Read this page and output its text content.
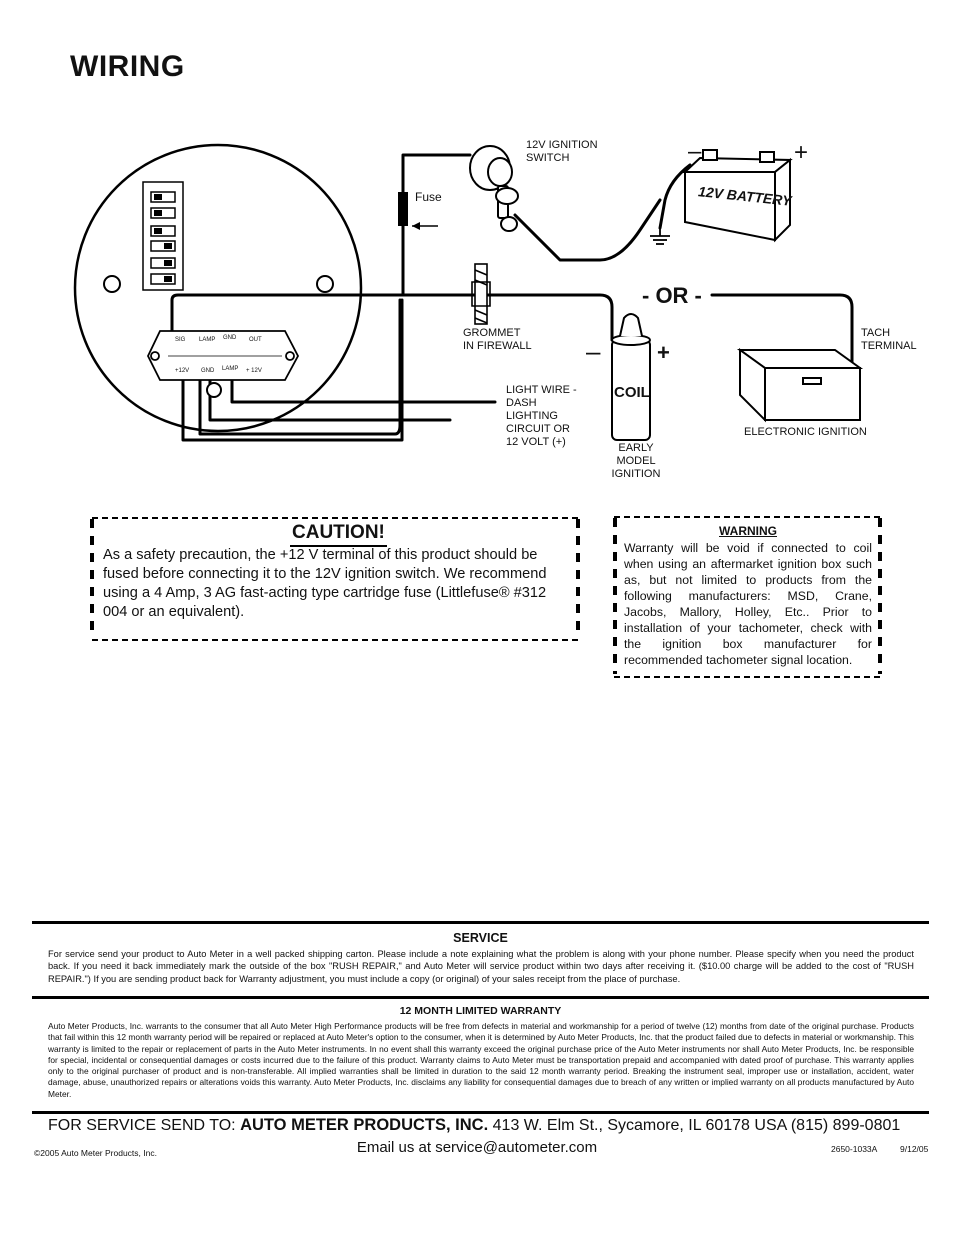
WIRING
12V IGNITION
SWITCH
Fuse	12V BATTERY
–	+
- OR -
GROMMET
IN FIREWALL
TACH
TERMINAL
–	+
COIL
LIGHT WIRE -
DASH
LIGHTING
CIRCUIT OR
12 VOLT (+)	EARLY
MODEL
IGNITION
ELECTRONIC IGNITION
SIG LAMP GND OUT
+12V GND LAMP + 12V
CAUTION!
As a safety precaution, the +12 V terminal of this product should be fused before connecting it to the 12V ignition switch. We recommend using a 4 Amp, 3 AG fast-acting type cartridge fuse (Littlefuse® #312 004 or an equivalent).
WARNING
Warranty will be void if connected to coil when using an aftermarket ignition box such as, but not limited to products from the following manufacturers: MSD, Crane, Jacobs, Mallory, Holley, Etc.. Prior to installation of your tachometer, check with the ignition box manufacturer for recommended tachometer signal location.
SERVICE
For service send your product to Auto Meter in a well packed shipping carton. Please include a note explaining what the problem is along with your phone number. Please specify when you need the product back. If you need it back immediately mark the outside of the box "RUSH REPAIR," and Auto Meter will service product within two days after receiving it. ($10.00 charge will be added to the cost of "RUSH REPAIR.") If you are sending product back for Warranty adjustment, you must include a copy (or original) of your sales receipt from the place of purchase.
12 MONTH LIMITED WARRANTY
Auto Meter Products, Inc. warrants to the consumer that all Auto Meter High Performance products will be free from defects in material and workmanship for a period of twelve (12) months from date of the original purchase. Products that fail within this 12 month warranty period will be repaired or replaced at Auto Meter's option to the consumer, when it is determined by Auto Meter Products, Inc. that the product failed due to defects in material or workmanship. This warranty is limited to the repair or replacement of parts in the Auto Meter instruments. In no event shall this warranty exceed the original purchase price of the Auto Meter instruments nor shall Auto Meter Products, Inc. be responsible for special, incidental or consequential damages or costs incurred due to the failure of this product. Warranty claims to Auto Meter must be transportation prepaid and accompanied with dated proof of purchase. This warranty applies only to the original purchaser of product and is non-transferable. All implied warranties shall be limited in duration to the said 12 month warranty period. Breaking the instrument seal, improper use or installation, accident, water damage, abuse, unauthorized repairs or alterations voids this warranty. Auto Meter Products, Inc. disclaims any liability for consequential damages due to breach of any written or implied warranty on all products manufactured by Auto Meter.
FOR SERVICE SEND TO: AUTO METER PRODUCTS, INC. 413 W. Elm St., Sycamore, IL 60178 USA (815) 899-0801
Email us at service@autometer.com
©2005 Auto Meter Products, Inc.	2650-1033A	9/12/05
